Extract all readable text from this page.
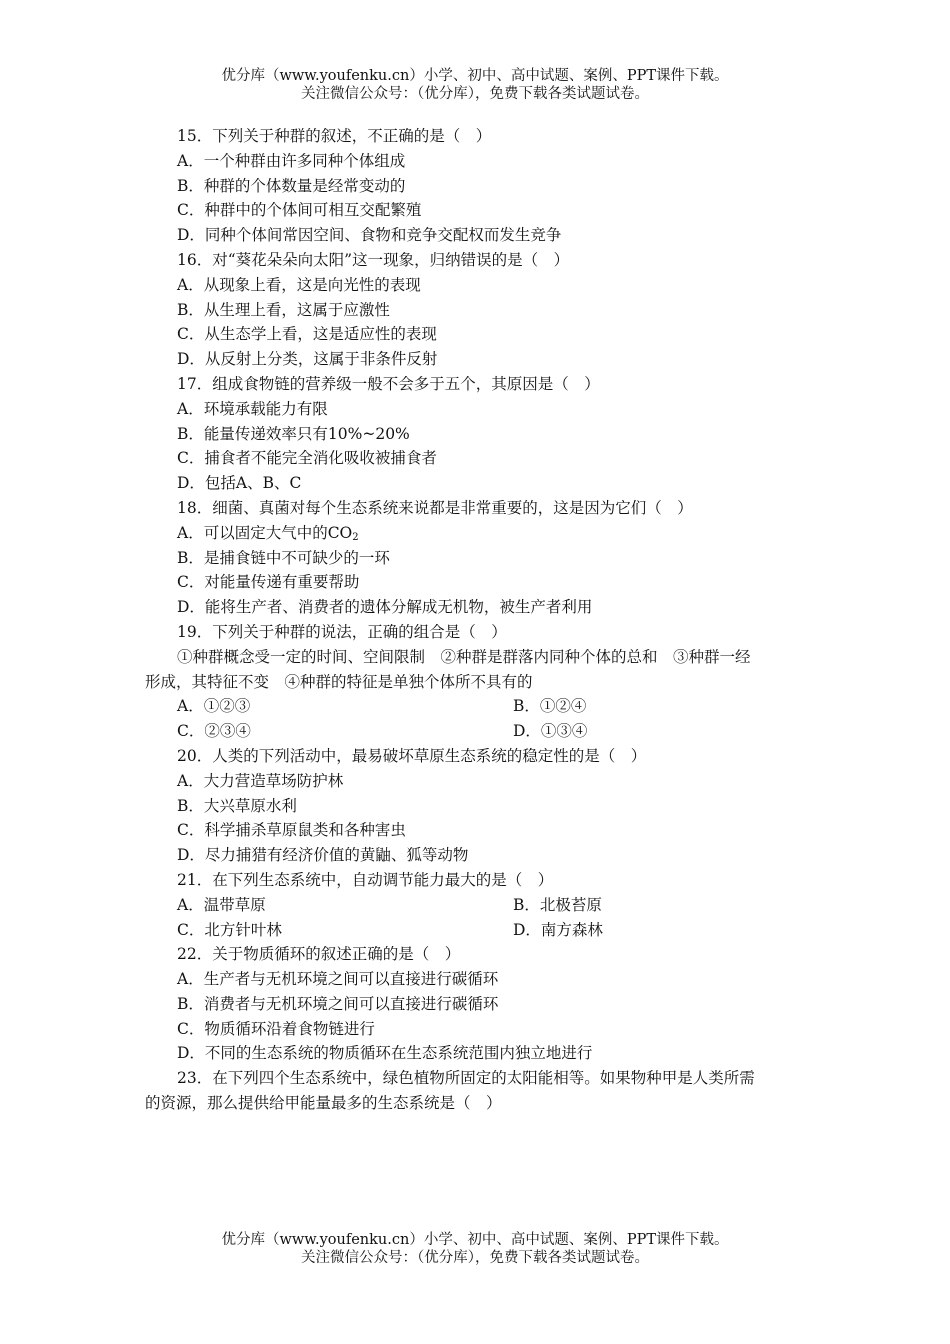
优分库（www.youfenku.cn）小学、初中、高中试题、案例、PPT课件下载。
关注微信公众号：（优分库），免费下载各类试题试卷。
15．下列关于种群的叙述，不正确的是（　）
A．一个种群由许多同种个体组成
B．种群的个体数量是经常变动的
C．种群中的个体间可相互交配繁殖
D．同种个体间常因空间、食物和竞争交配权而发生竞争
16．对“葵花朵朵向太阳”这一现象，归纳错误的是（　）
A．从现象上看，这是向光性的表现
B．从生理上看，这属于应激性
C．从生态学上看，这是适应性的表现
D．从反射上分类，这属于非条件反射
17．组成食物链的营养级一般不会多于五个，其原因是（　）
A．环境承载能力有限
B．能量传递效率只有10%~20%
C．捕食者不能完全消化吸收被捕食者
D．包括A、B、C
18．细菌、真菌对每个生态系统来说都是非常重要的，这是因为它们（　）
A．可以固定大气中的$CO_2$
B．是捕食链中不可缺少的一环
C．对能量传递有重要帮助
D．能将生产者、消费者的遗体分解成无机物，被生产者利用
19．下列关于种群的说法，正确的组合是（　）
①种群概念受一定的时间、空间限制　②种群是群落内同种个体的总和　③种群一经
形成，其特征不变　④种群的特征是单独个体所不具有的
A．①②③	B．①②④
C．②③④	D．①③④
20．人类的下列活动中，最易破坏草原生态系统的稳定性的是（　）
A．大力营造草场防护林
B．大兴草原水利
C．科学捕杀草原鼠类和各种害虫
D．尽力捕猎有经济价值的黄鼬、狐等动物
21．在下列生态系统中，自动调节能力最大的是（　）
A．温带草原	B．北极苔原
C．北方针叶林	D．南方森林
22．关于物质循环的叙述正确的是（　）
A．生产者与无机环境之间可以直接进行碳循环
B．消费者与无机环境之间可以直接进行碳循环
C．物质循环沿着食物链进行
D．不同的生态系统的物质循环在生态系统范围内独立地进行
23．在下列四个生态系统中，绿色植物所固定的太阳能相等。如果物种甲是人类所需
的资源，那么提供给甲能量最多的生态系统是（　）
优分库（www.youfenku.cn）小学、初中、高中试题、案例、PPT课件下载。
关注微信公众号：（优分库），免费下载各类试题试卷。
